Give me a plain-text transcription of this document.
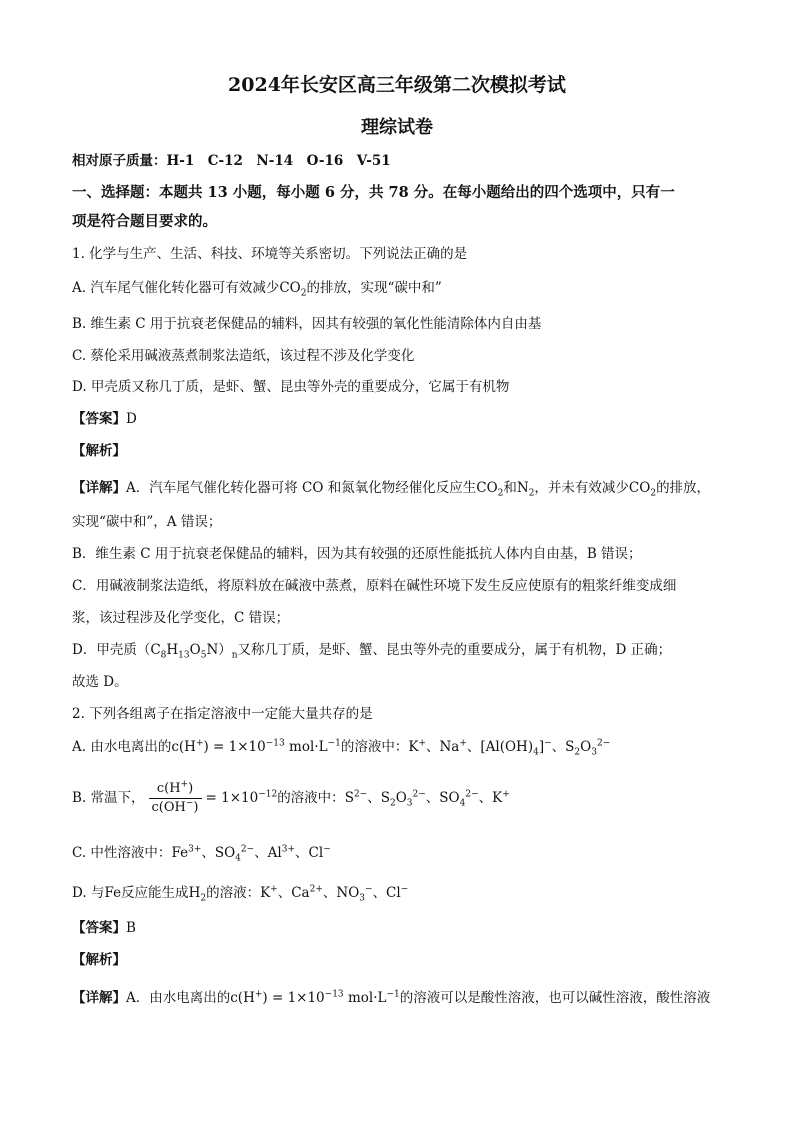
2024年长安区高三年级第二次模拟考试
理综试卷
相对原子质量：H-1　C-12　N-14　O-16　V-51
一、选择题：本题共 13 小题，每小题 6 分，共 78 分。在每小题给出的四个选项中，只有一
项是符合题目要求的。
1. 化学与生产、生活、科技、环境等关系密切。下列说法正确的是
A. 汽车尾气催化转化器可有效减少$CO_2$的排放，实现“碳中和”
B. 维生素 C 用于抗衰老保健品的辅料，因其有较强的氧化性能清除体内自由基
C. 蔡伦采用碱液蒸煮制浆法造纸，该过程不涉及化学变化
D. 甲壳质又称几丁质，是虾、蟹、昆虫等外壳的重要成分，它属于有机物
【答案】D
【解析】
【详解】A．汽车尾气催化转化器可将 CO 和氮氧化物经催化反应生$CO_2$和$N_2$，并未有效减少$CO_2$的排放，
实现“碳中和”，A 错误；
B．维生素 C 用于抗衰老保健品的辅料，因为其有较强的还原性能抵抗人体内自由基，B 错误；
C．用碱液制浆法造纸，将原料放在碱液中蒸煮，原料在碱性环境下发生反应使原有的粗浆纤维变成细
浆，该过程涉及化学变化，C 错误；
D．甲壳质$(C_8H_{13}O_5N)_n$又称几丁质，是虾、蟹、昆虫等外壳的重要成分，属于有机物，D 正确；
故选 D。
2. 下列各组离子在指定溶液中一定能大量共存的是
A. 由水电离出的$c(H^+) = 1\times 10^{-13}$ $mol\cdot L^{-1}$的溶液中：K+、Na+、$[Al(OH)_4]^-$、$S_2O_3^{2-}$
B. 常温下， $\frac{c(H^+)}{c(OH^-)} = 1\times 10^{-12}$的溶液中：$S^{2-}$、$S_2O_3^{2-}$、$SO_4^{2-}$、K+
C. 中性溶液中：$Fe^{3+}$、$SO_4^{2-}$、$Al^{3+}$、Cl−
D. 与Fe反应能生成$H_2$的溶液：K+、$Ca^{2+}$、$NO_3^-$、Cl−
【答案】B
【解析】
【详解】A．由水电离出的$c(H^+) = 1\times 10^{-13}$ $mol\cdot L^{-1}$的溶液可以是酸性溶液，也可以碱性溶液，酸性溶液
